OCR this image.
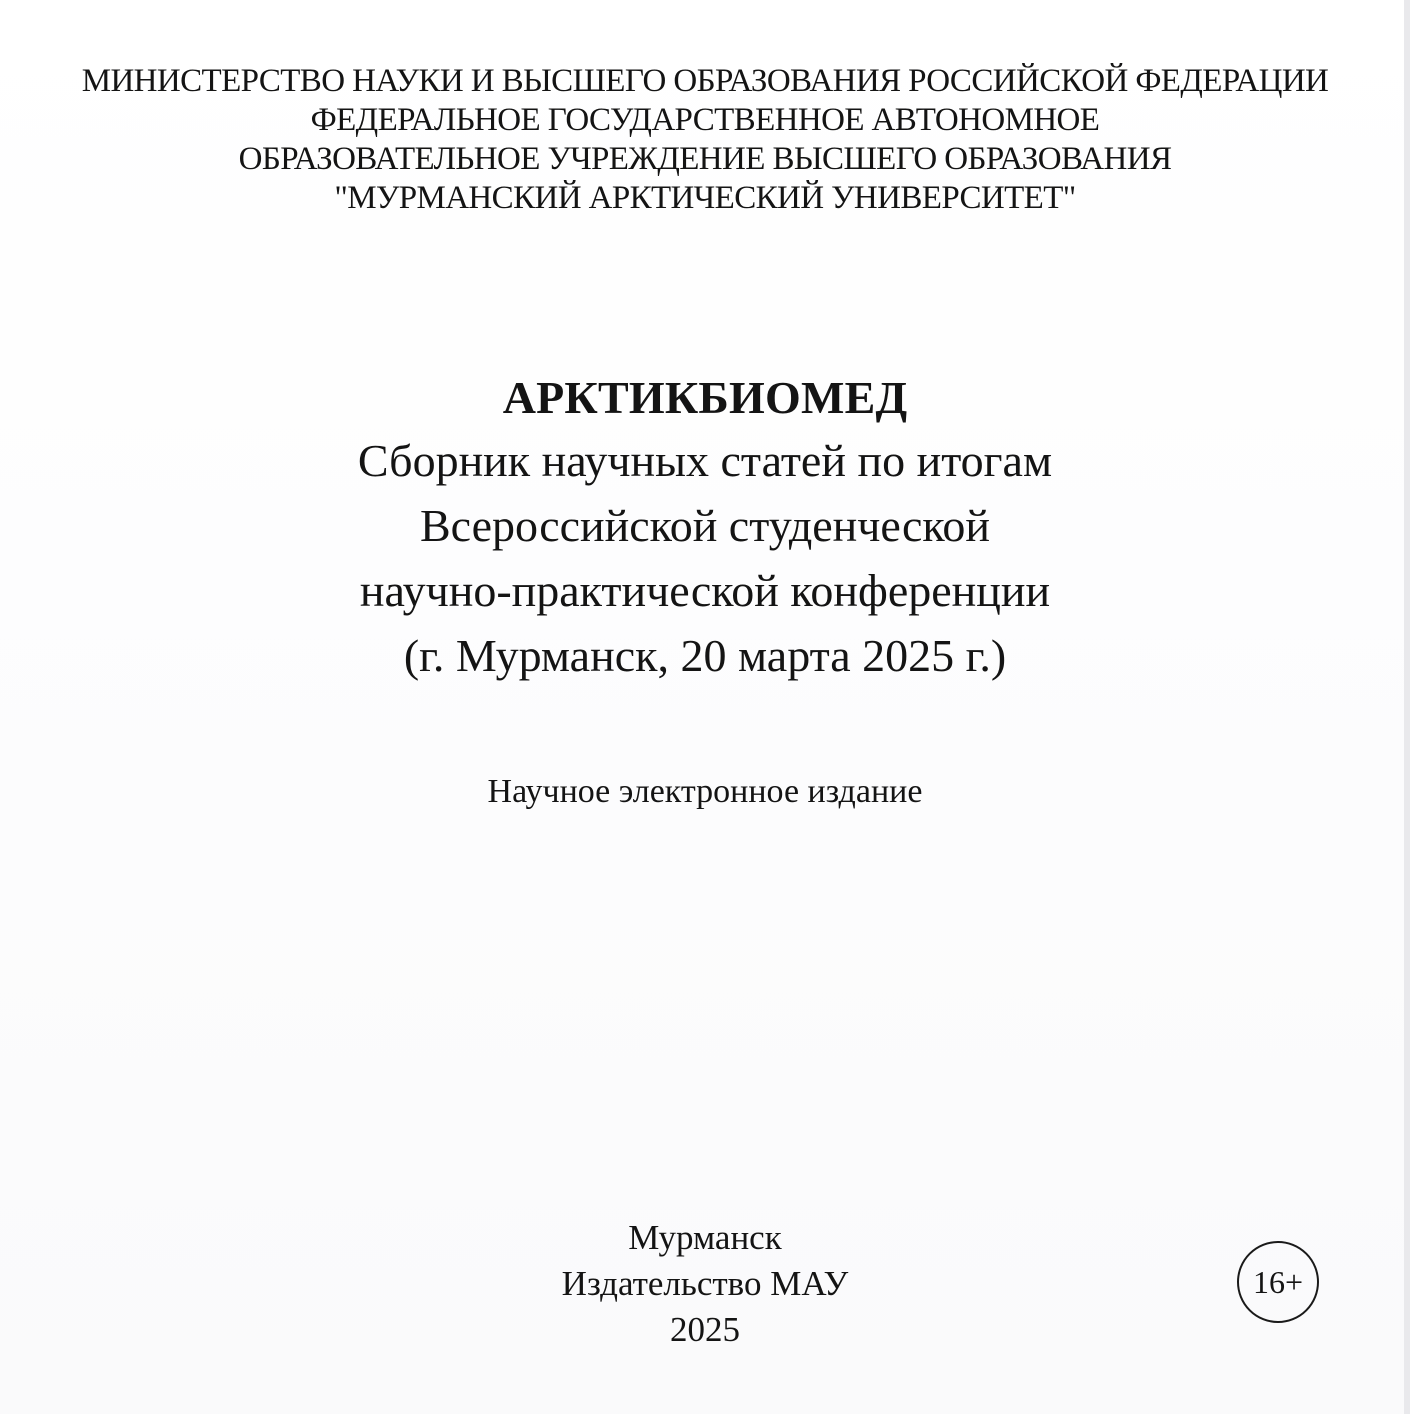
МИНИСТЕРСТВО НАУКИ И ВЫСШЕГО ОБРАЗОВАНИЯ РОССИЙСКОЙ ФЕДЕРАЦИИ
ФЕДЕРАЛЬНОЕ ГОСУДАРСТВЕННОЕ АВТОНОМНОЕ
ОБРАЗОВАТЕЛЬНОЕ УЧРЕЖДЕНИЕ ВЫСШЕГО ОБРАЗОВАНИЯ
"МУРМАНСКИЙ АРКТИЧЕСКИЙ УНИВЕРСИТЕТ"
АРКТИКБИОМЕД
Сборник научных статей по итогам
Всероссийской студенческой
научно-практической конференции
(г. Мурманск, 20 марта 2025 г.)
Научное электронное издание
Мурманск
Издательство МАУ
2025
16+
